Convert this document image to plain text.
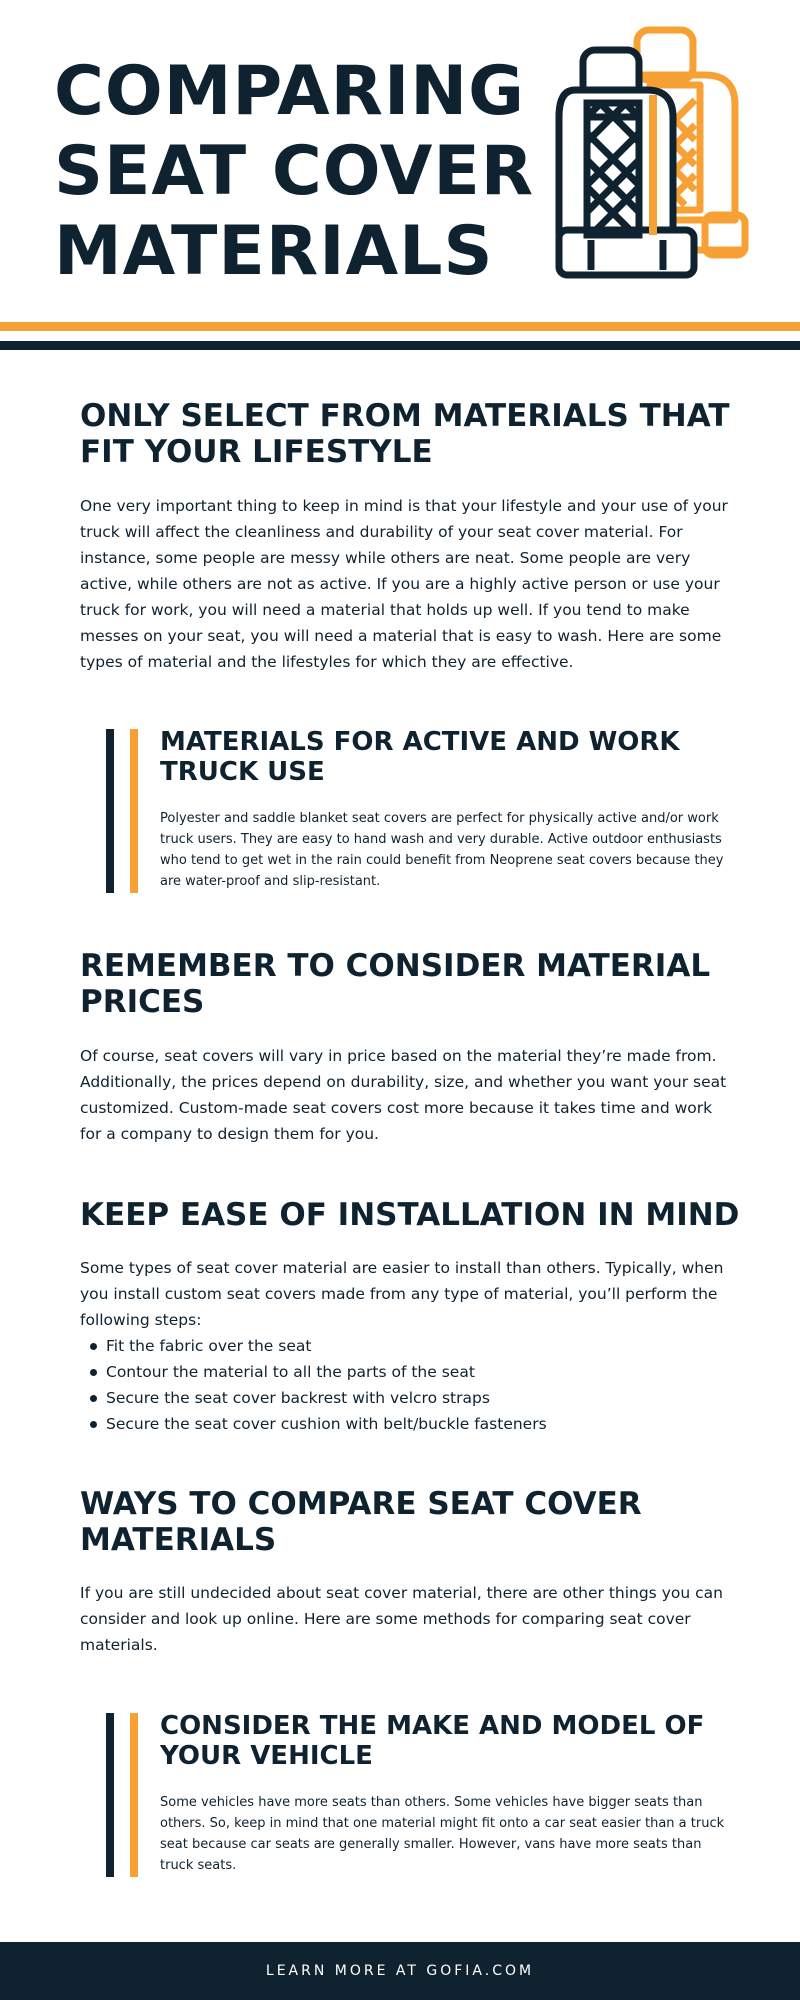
COMPARING
SEAT COVER
MATERIALS
ONLY SELECT FROM MATERIALS THAT FIT YOUR LIFESTYLE
One very important thing to keep in mind is that your lifestyle and your use of your truck will affect the cleanliness and durability of your seat cover material. For instance, some people are messy while others are neat. Some people are very active, while others are not as active. If you are a highly active person or use your truck for work, you will need a material that holds up well. If you tend to make messes on your seat, you will need a material that is easy to wash. Here are some types of material and the lifestyles for which they are effective.
MATERIALS FOR ACTIVE AND WORK TRUCK USE
Polyester and saddle blanket seat covers are perfect for physically active and/or work truck users. They are easy to hand wash and very durable. Active outdoor enthusiasts who tend to get wet in the rain could benefit from Neoprene seat covers because they are water-proof and slip-resistant.
REMEMBER TO CONSIDER MATERIAL PRICES
Of course, seat covers will vary in price based on the material they’re made from. Additionally, the prices depend on durability, size, and whether you want your seat customized. Custom-made seat covers cost more because it takes time and work for a company to design them for you.
KEEP EASE OF INSTALLATION IN MIND
Some types of seat cover material are easier to install than others. Typically, when you install custom seat covers made from any type of material, you’ll perform the following steps:
Fit the fabric over the seat
Contour the material to all the parts of the seat
Secure the seat cover backrest with velcro straps
Secure the seat cover cushion with belt/buckle fasteners
WAYS TO COMPARE SEAT COVER MATERIALS
If you are still undecided about seat cover material, there are other things you can consider and look up online. Here are some methods for comparing seat cover materials.
CONSIDER THE MAKE AND MODEL OF YOUR VEHICLE
Some vehicles have more seats than others. Some vehicles have bigger seats than others. So, keep in mind that one material might fit onto a car seat easier than a truck seat because car seats are generally smaller. However, vans have more seats than truck seats.
LEARN MORE AT GOFIA.COM
